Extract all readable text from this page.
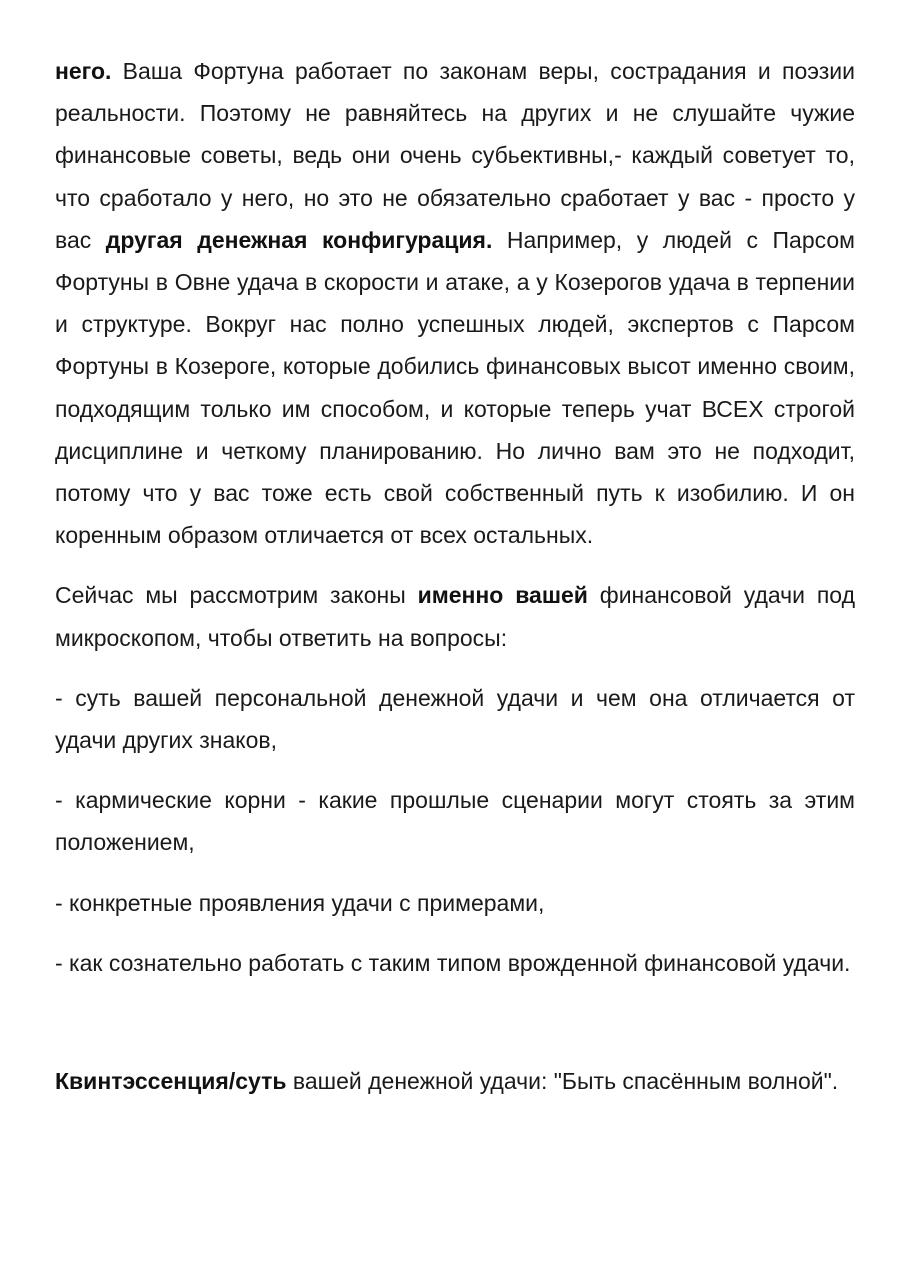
него. Ваша Фортуна работает по законам веры, сострадания и поэзии реальности. Поэтому не равняйтесь на других и не слушайте чужие финансовые советы, ведь они очень субьективны,- каждый советует то, что сработало у него, но это не обязательно сработает у вас - просто у вас другая денежная конфигурация. Например, у людей с Парсом Фортуны в Овне удача в скорости и атаке, а у Козерогов удача в терпении и структуре. Вокруг нас полно успешных людей, экспертов с Парсом Фортуны в Козероге, которые добились финансовых высот именно своим, подходящим только им способом, и которые теперь учат ВСЕХ строгой дисциплине и четкому планированию. Но лично вам это не подходит, потому что у вас тоже есть свой собственный путь к изобилию. И он коренным образом отличается от всех остальных.

Сейчас мы рассмотрим законы именно вашей финансовой удачи под микроскопом, чтобы ответить на вопросы:

- суть вашей персональной денежной удачи и чем она отличается от удачи других знаков,

- кармические корни - какие прошлые сценарии могут стоять за этим положением,

- конкретные проявления удачи с примерами,

- как сознательно работать с таким типом врожденной финансовой удачи.

Квинтэссенция/суть вашей денежной удачи: "Быть спасённым волной".
